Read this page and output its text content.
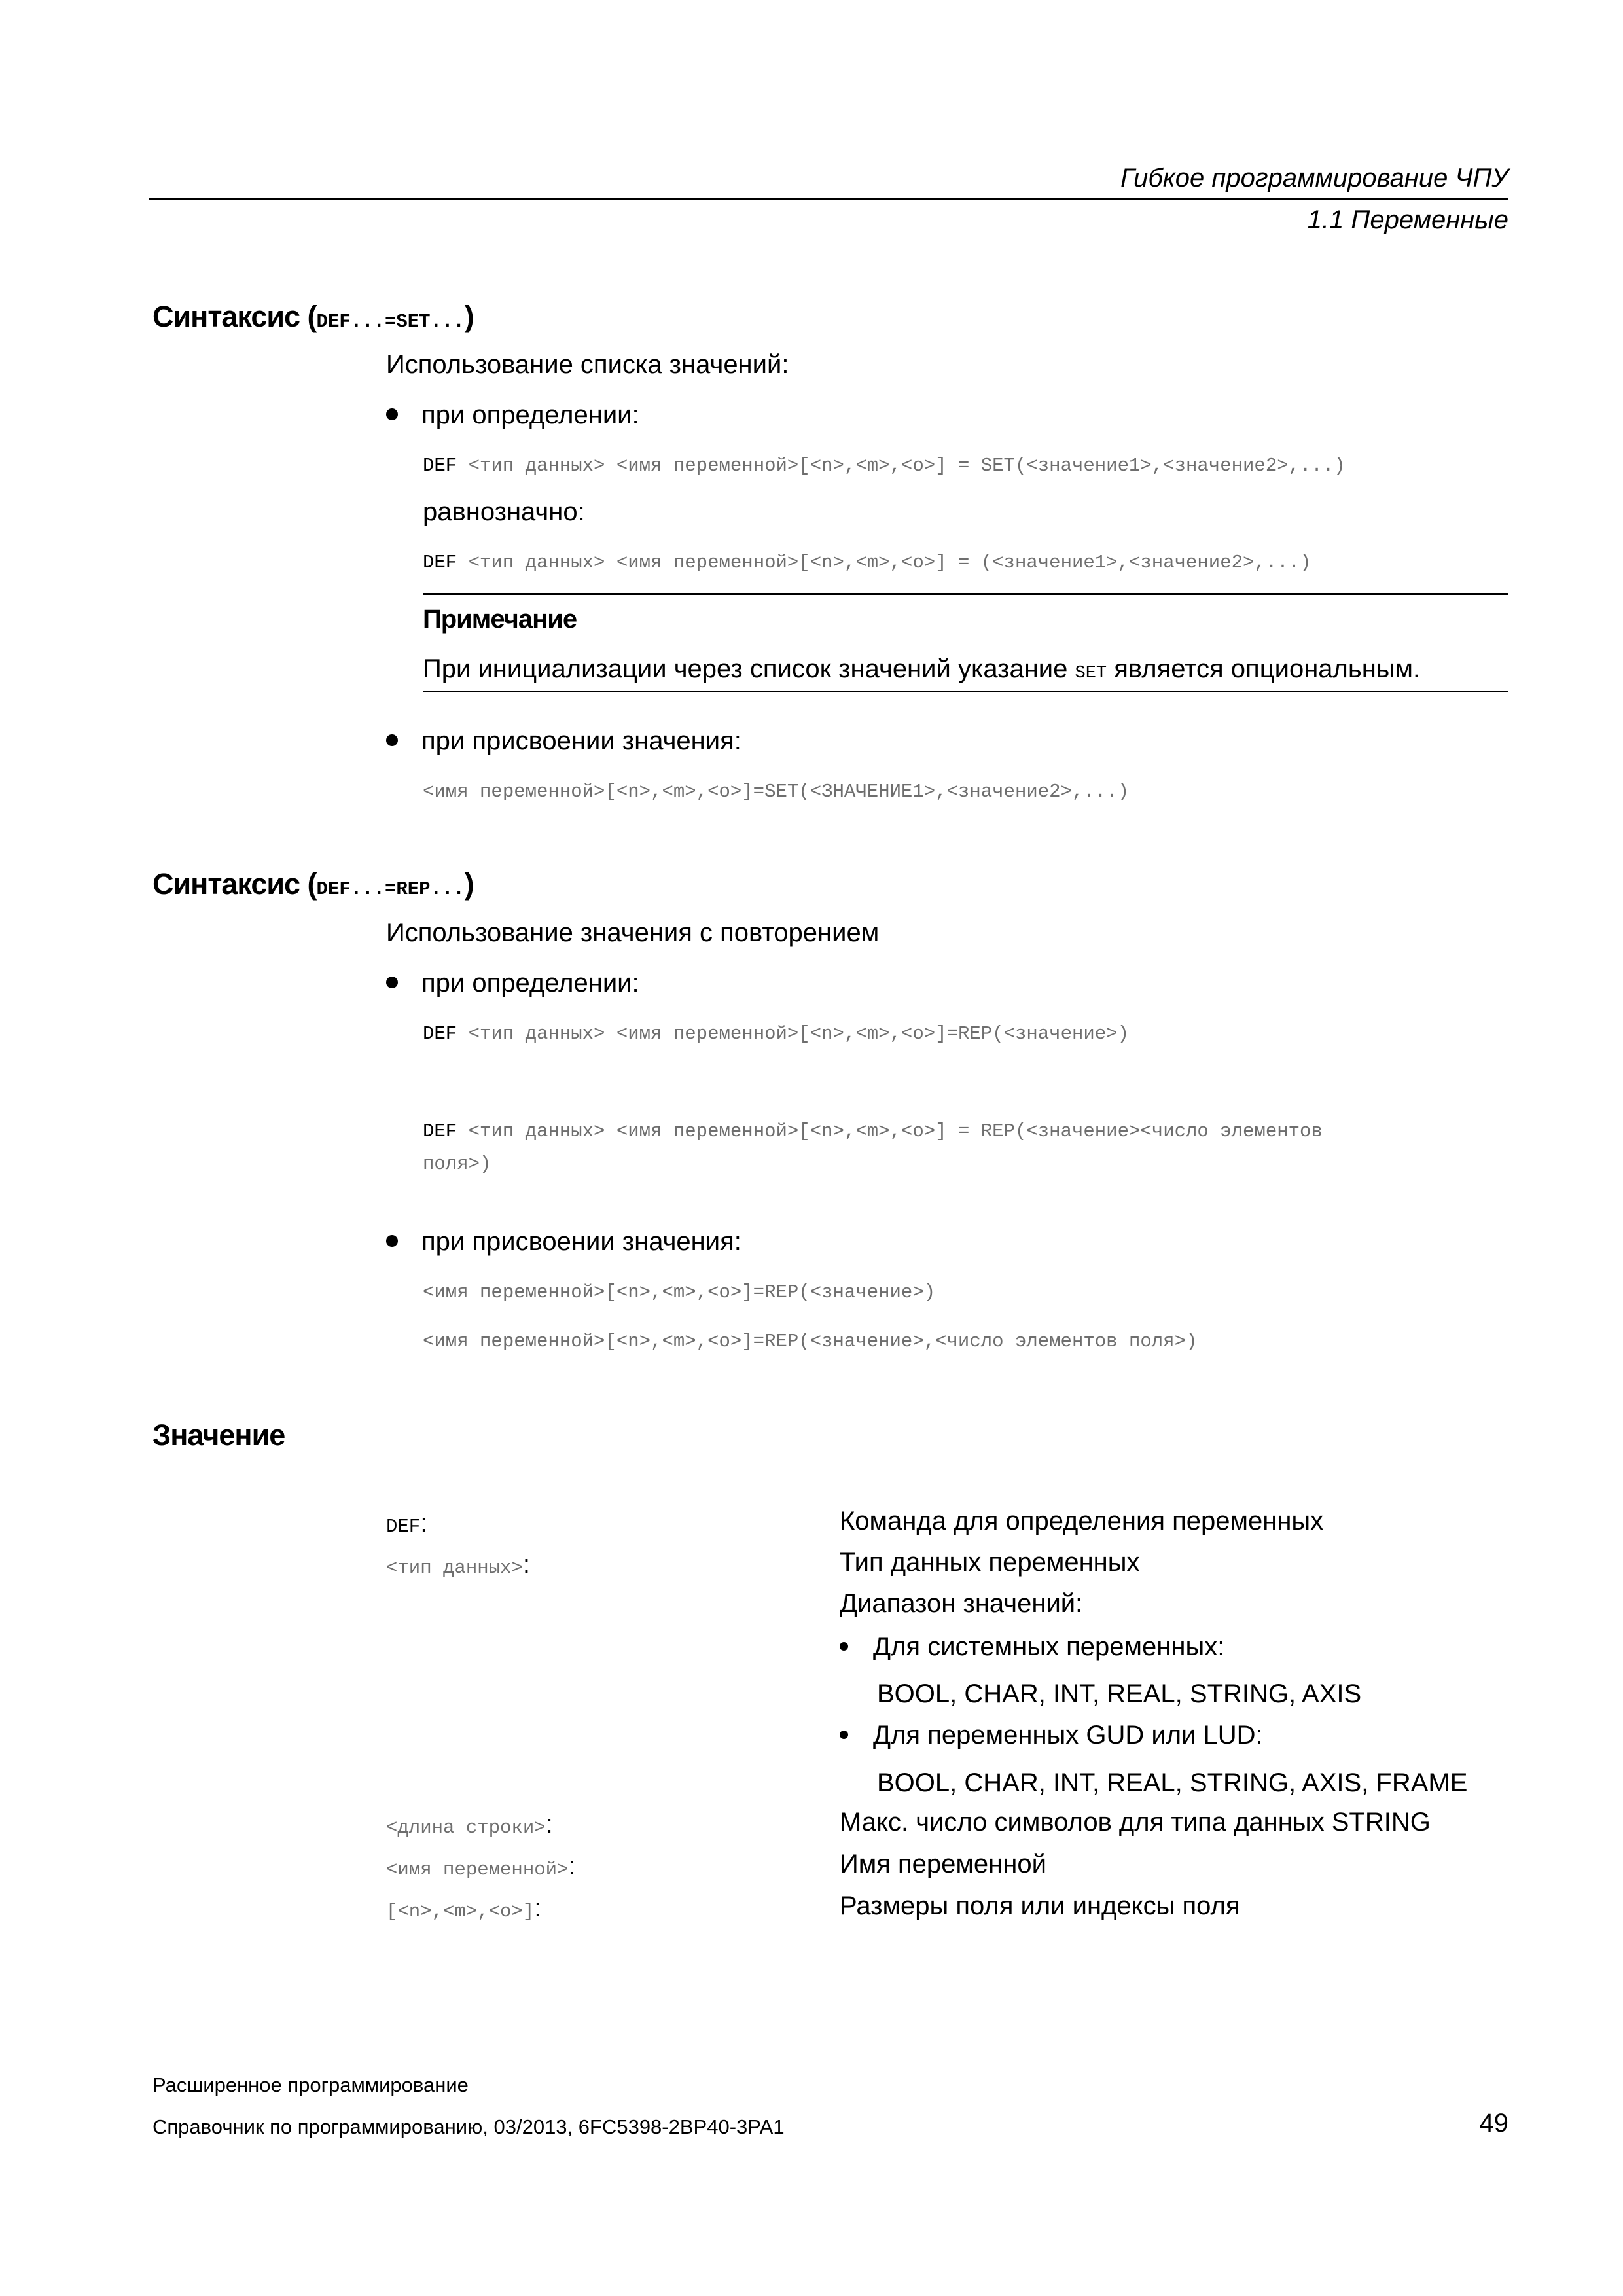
Гибкое программирование ЧПУ
1.1 Переменные
Синтаксис (DEF...=SET...)
Использование списка значений:
при определении:
DEF <тип данных> <имя переменной>[<n>,<m>,<o>] = SET(<значение1>,<значение2>,...)
равнозначно:
DEF <тип данных> <имя переменной>[<n>,<m>,<o>] = (<значение1>,<значение2>,...)
Примечание
При инициализации через список значений указание SET является опциональным.
при присвоении значения:
<имя переменной>[<n>,<m>,<o>]=SET(<ЗНАЧЕНИЕ1>,<значение2>,...)
Синтаксис (DEF...=REP...)
Использование значения с повторением
при определении:
DEF <тип данных> <имя переменной>[<n>,<m>,<o>]=REP(<значение>)
DEF <тип данных> <имя переменной>[<n>,<m>,<o>] = REP(<значение><число элементов
поля>)
при присвоении значения:
<имя переменной>[<n>,<m>,<o>]=REP(<значение>)
<имя переменной>[<n>,<m>,<o>]=REP(<значение>,<число элементов поля>)
Значение
DEF:	Команда для определения переменных
<тип данных>:	Тип данных переменных
Диапазон значений:
Для системных переменных:
BOOL, CHAR, INT, REAL, STRING, AXIS
Для переменных GUD или LUD:
BOOL, CHAR, INT, REAL, STRING, AXIS, FRAME
<длина строки>:	Макс. число символов для типа данных STRING
<имя переменной>:	Имя переменной
[<n>,<m>,<o>]:	Размеры поля или индексы поля
Расширенное программирование
Справочник по программированию, 03/2013, 6FC5398-2BP40-3PA1	49
